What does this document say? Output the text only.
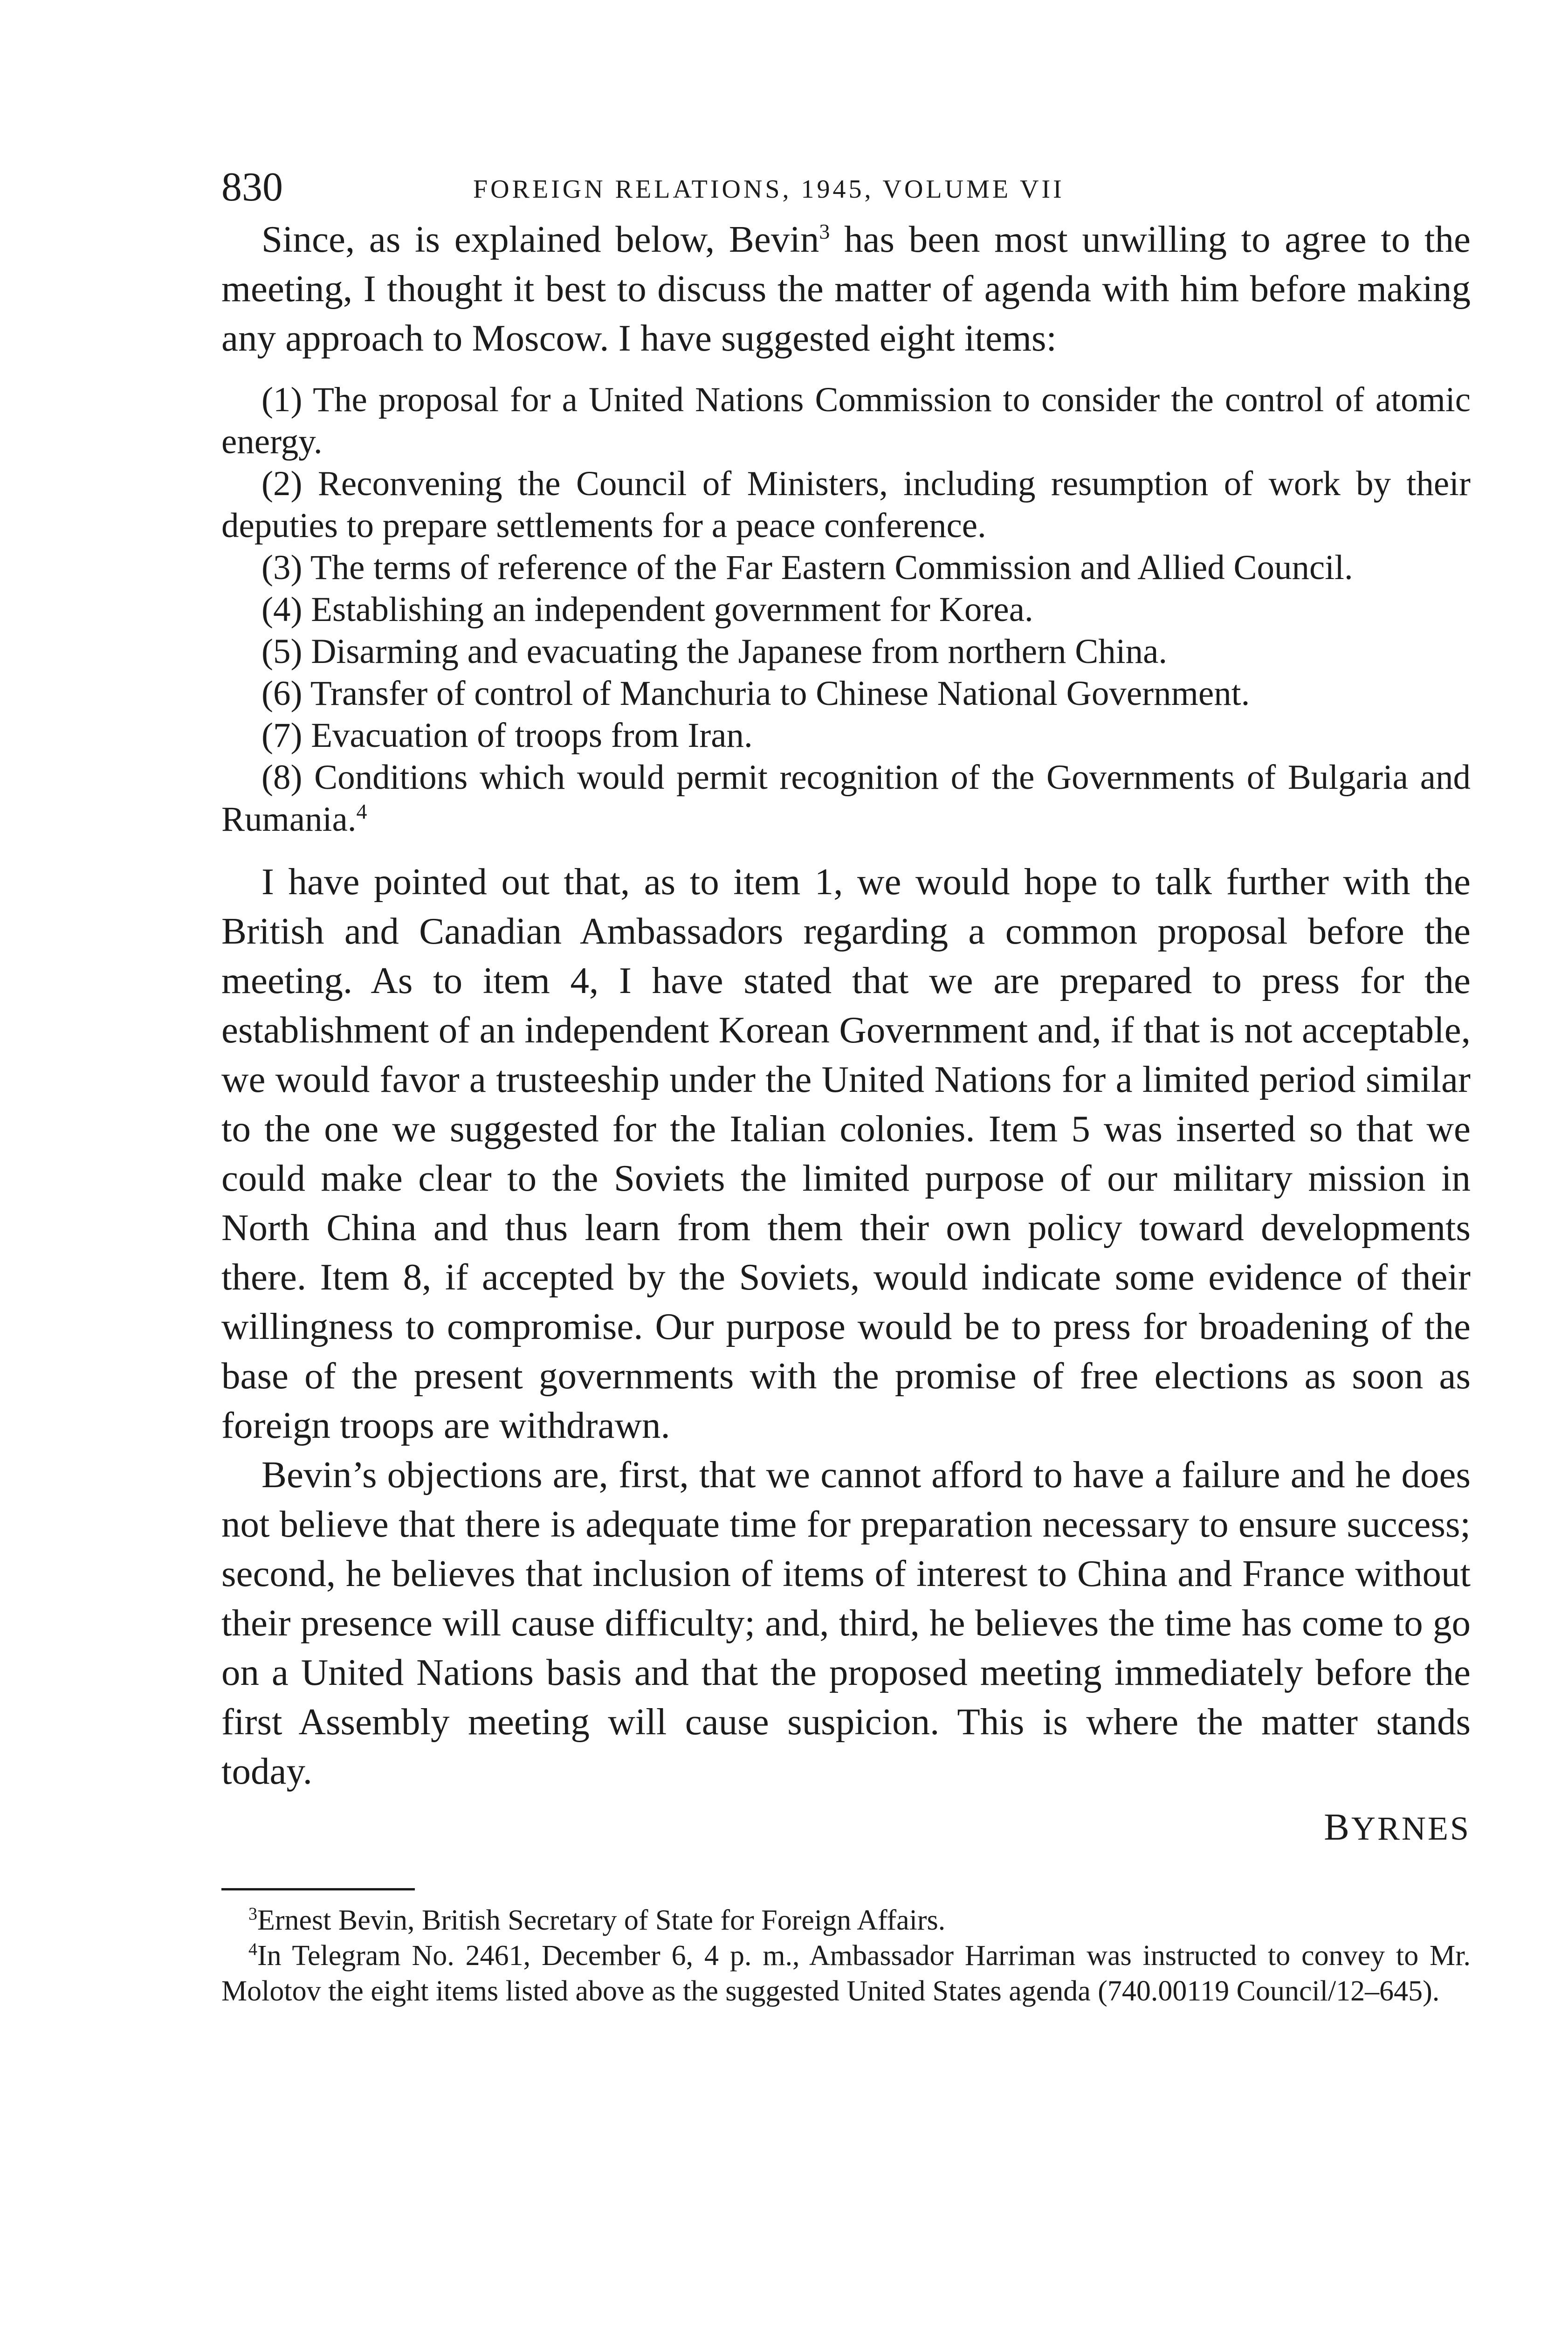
830	FOREIGN RELATIONS, 1945, VOLUME VII

Since, as is explained below, Bevin$^3$ has been most unwilling to agree to the meeting, I thought it best to discuss the matter of agenda with him before making any approach to Moscow. I have suggested eight items:

(1) The proposal for a United Nations Commission to consider the control of atomic energy.

(2) Reconvening the Council of Ministers, including resumption of work by their deputies to prepare settlements for a peace conference.

(3) The terms of reference of the Far Eastern Commission and Allied Council.

(4) Establishing an independent government for Korea.

(5) Disarming and evacuating the Japanese from northern China.

(6) Transfer of control of Manchuria to Chinese National Government.

(7) Evacuation of troops from Iran.

(8) Conditions which would permit recognition of the Governments of Bulgaria and Rumania.$^4$

I have pointed out that, as to item 1, we would hope to talk further with the British and Canadian Ambassadors regarding a common proposal before the meeting. As to item 4, I have stated that we are prepared to press for the establishment of an independent Korean Government and, if that is not acceptable, we would favor a trusteeship under the United Nations for a limited period similar to the one we suggested for the Italian colonies. Item 5 was inserted so that we could make clear to the Soviets the limited purpose of our military mission in North China and thus learn from them their own policy toward developments there. Item 8, if accepted by the Soviets, would indicate some evidence of their willingness to compromise. Our purpose would be to press for broadening of the base of the present governments with the promise of free elections as soon as foreign troops are withdrawn.

Bevin’s objections are, first, that we cannot afford to have a failure and he does not believe that there is adequate time for preparation necessary to ensure success; second, he believes that inclusion of items of interest to China and France without their presence will cause difficulty; and, third, he believes the time has come to go on a United Nations basis and that the proposed meeting immediately before the first Assembly meeting will cause suspicion. This is where the matter stands today.

BYRNES

$^3$Ernest Bevin, British Secretary of State for Foreign Affairs.

$^4$In Telegram No. 2461, December 6, 4 p. m., Ambassador Harriman was instructed to convey to Mr. Molotov the eight items listed above as the suggested United States agenda (740.00119 Council/12–645).
